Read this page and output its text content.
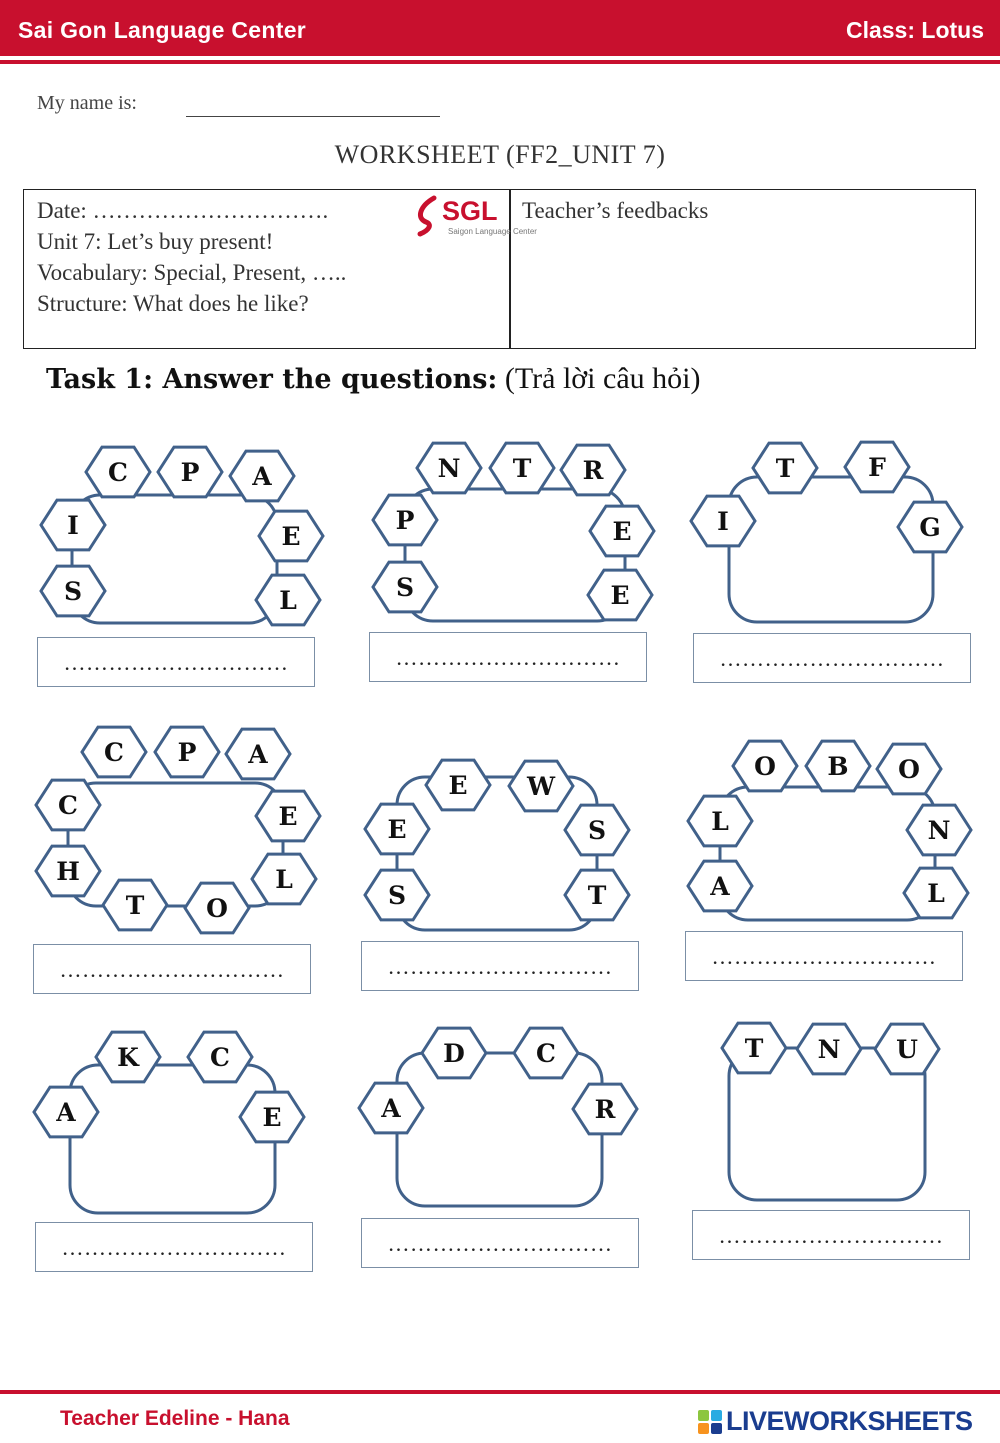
Sai Gon Language Center	Class: Lotus
My name is:
WORKSHEET (FF2_UNIT 7)
Date: ………………………….
Unit 7: Let’s buy present!
Vocabulary: Special, Present, …..
Structure: What does he like?
SGL
Saigon Language Center
Teacher’s feedbacks
Task 1: Answer the questions: (Trả lời câu hỏi)
S
I
C P A
E
L	S
P
N T R
E
E
I
T	F
G
O
T
H
C
C P A
E
L
S
E
E W
S
T	A
L
O B O
N
L
A
K	C
E	A
D	C
R
T N U
…………………………	…………………………	…………………………
…………………………	…………………………	…………………………
…………………………	…………………………	…………………………
Teacher Edeline - Hana	LIVEWORKSHEETS
